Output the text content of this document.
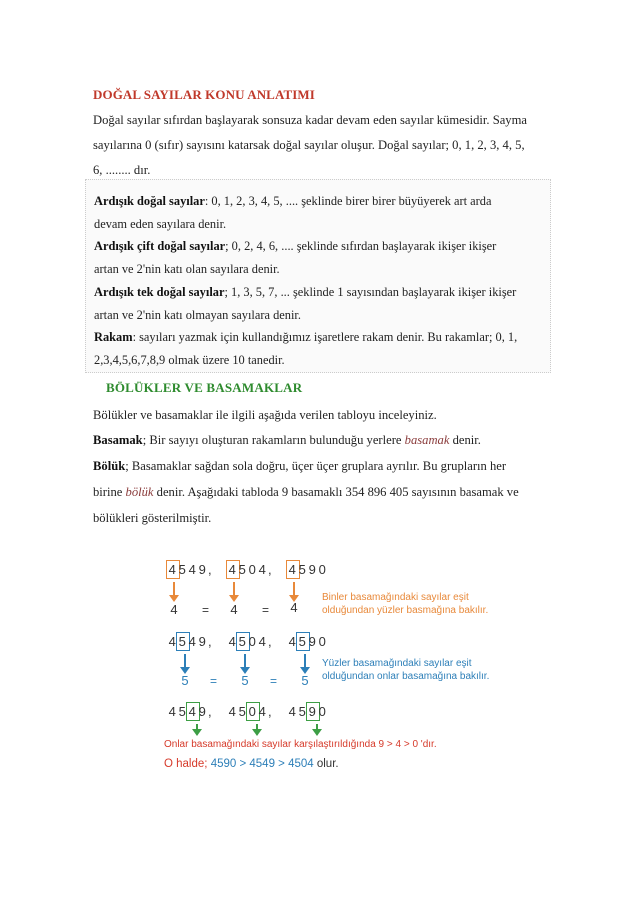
DOĞAL SAYILAR KONU ANLATIMI
Doğal sayılar sıfırdan başlayarak sonsuza kadar devam eden sayılar kümesidir. Sayma
sayılarına 0 (sıfır) sayısını katarsak doğal sayılar oluşur. Doğal sayılar; 0, 1, 2, 3, 4, 5,
6, ........ dır.
Ardışık doğal sayılar: 0, 1, 2, 3, 4, 5, .... şeklinde birer birer büyüyerek art arda
devam eden sayılara denir.
Ardışık çift doğal sayılar; 0, 2, 4, 6, .... şeklinde sıfırdan başlayarak ikişer ikişer
artan ve 2'nin katı olan sayılara denir.
Ardışık tek doğal sayılar; 1, 3, 5, 7, ... şeklinde 1 sayısından başlayarak ikişer ikişer
artan ve 2'nin katı olmayan sayılara denir.
Rakam: sayıları yazmak için kullandığımız işaretlere rakam denir. Bu rakamlar; 0, 1,
2,3,4,5,6,7,8,9 olmak üzere 10 tanedir.
BÖLÜKLER VE BASAMAKLAR
Bölükler ve basamaklar ile ilgili aşağıda verilen tabloyu inceleyiniz.
Basamak; Bir sayıyı oluşturan rakamların bulunduğu yerlere basamak denir.
Bölük; Basamaklar sağdan sola doğru, üçer üçer gruplara ayrılır. Bu grupların her
birine bölük denir. Aşağıdaki tabloda 9 basamaklı 354 896 405 sayısının basamak ve
bölükleri gösterilmiştir.
4549, 4504, 4590
4 = 4 = 4
Binler basamağındaki sayılar eşit
olduğundan yüzler basmağına bakılır.
4549, 4504, 4590
5 = 5 = 5
Yüzler basamağındaki sayılar eşit
olduğundan onlar basamağına bakılır.
4549, 4504, 4590
Onlar basamağındaki sayılar karşılaştırıldığında 9 > 4 > 0 'dır.
O halde; 4590 > 4549 > 4504 olur.
